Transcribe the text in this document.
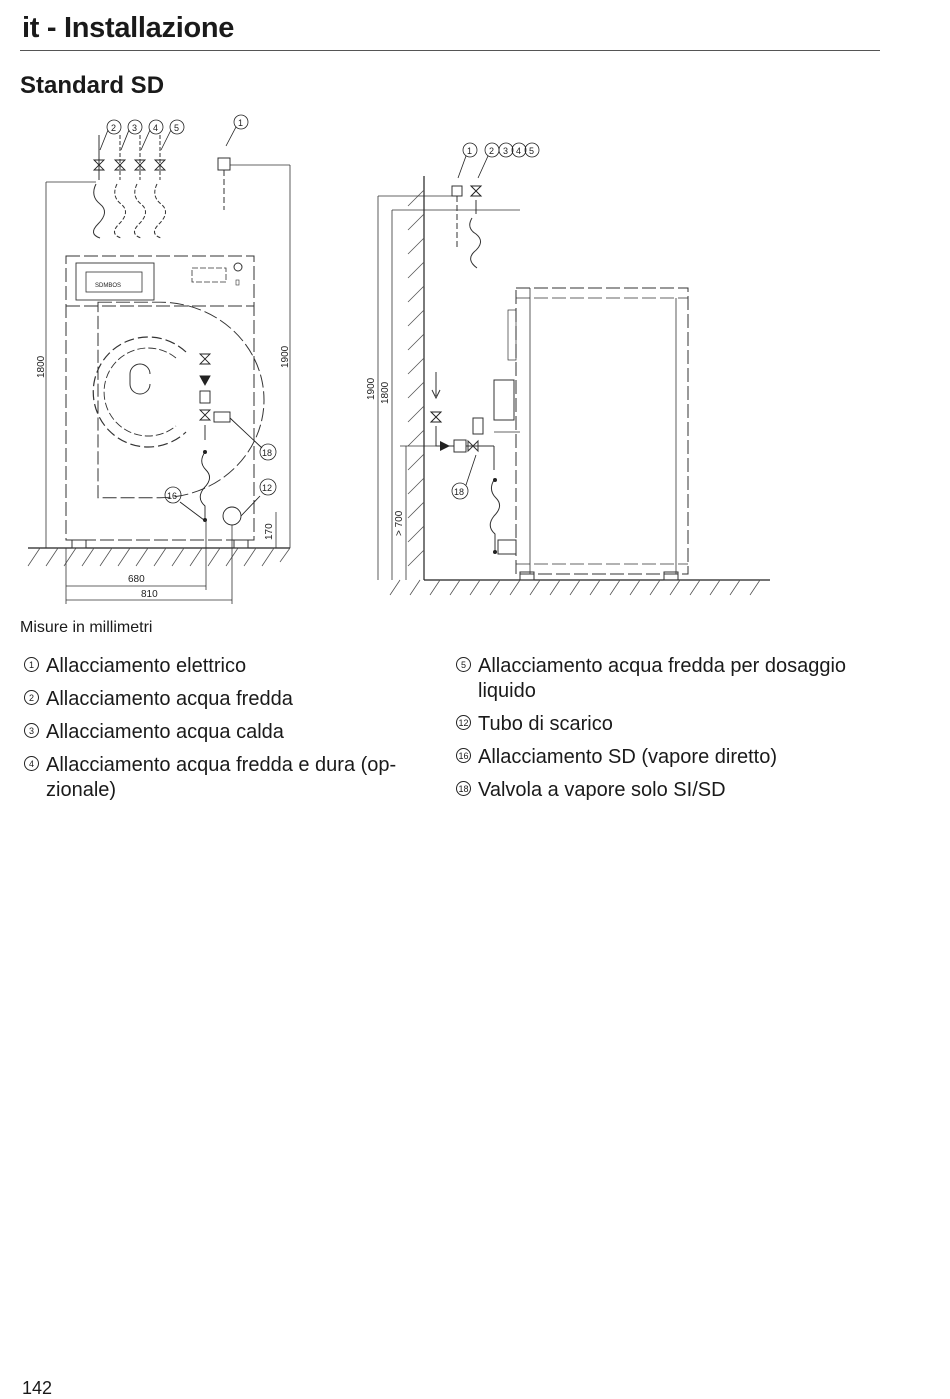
it - Installazione
Standard SD
SDMBOS
1800	1900
170
680
810
2 3 4 5	1
18
12
16
1900 1800
> 700
1 2 3 4 5
18
Misure in millimetri
1 Allacciamento elettrico
2 Allacciamento acqua fredda
3 Allacciamento acqua calda
4 Allacciamento acqua fredda e dura (op-zionale)
5 Allacciamento acqua fredda per dosaggio liquido
12 Tubo di scarico
16 Allacciamento SD (vapore diretto)
18 Valvola a vapore solo SI/SD
142
